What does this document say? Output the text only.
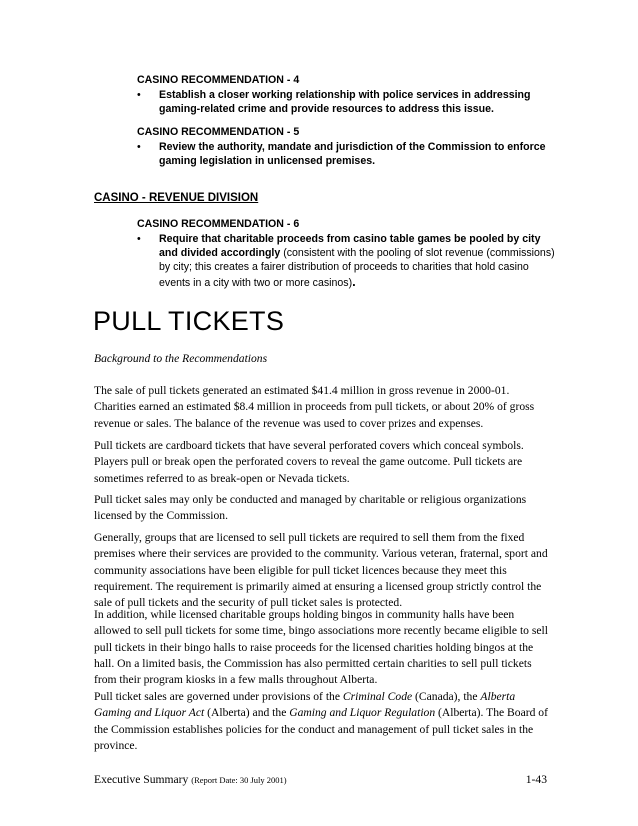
CASINO RECOMMENDATION - 4
• Establish a closer working relationship with police services in addressing gaming-related crime and provide resources to address this issue.
CASINO RECOMMENDATION - 5
• Review the authority, mandate and jurisdiction of the Commission to enforce gaming legislation in unlicensed premises.
CASINO - REVENUE DIVISION
CASINO RECOMMENDATION - 6
• Require that charitable proceeds from casino table games be pooled by city and divided accordingly (consistent with the pooling of slot revenue (commissions) by city; this creates a fairer distribution of proceeds to charities that hold casino events in a city with two or more casinos).
PULL TICKETS

Background to the Recommendations

The sale of pull tickets generated an estimated $41.4 million in gross revenue in 2000-01. Charities earned an estimated $8.4 million in proceeds from pull tickets, or about 20% of gross revenue or sales. The balance of the revenue was used to cover prizes and expenses.

Pull tickets are cardboard tickets that have several perforated covers which conceal symbols. Players pull or break open the perforated covers to reveal the game outcome. Pull tickets are sometimes referred to as break-open or Nevada tickets.

Pull ticket sales may only be conducted and managed by charitable or religious organizations licensed by the Commission.

Generally, groups that are licensed to sell pull tickets are required to sell them from the fixed premises where their services are provided to the community. Various veteran, fraternal, sport and community associations have been eligible for pull ticket licences because they meet this requirement. The requirement is primarily aimed at ensuring a licensed group strictly control the sale of pull tickets and the security of pull ticket sales is protected.

In addition, while licensed charitable groups holding bingos in community halls have been allowed to sell pull tickets for some time, bingo associations more recently became eligible to sell pull tickets in their bingo halls to raise proceeds for the licensed charities holding bingos at the hall. On a limited basis, the Commission has also permitted certain charities to sell pull tickets from their program kiosks in a few malls throughout Alberta.

Pull ticket sales are governed under provisions of the Criminal Code (Canada), the Alberta Gaming and Liquor Act (Alberta) and the Gaming and Liquor Regulation (Alberta). The Board of the Commission establishes policies for the conduct and management of pull ticket sales in the province.

Executive Summary (Report Date: 30 July 2001)	1-43
